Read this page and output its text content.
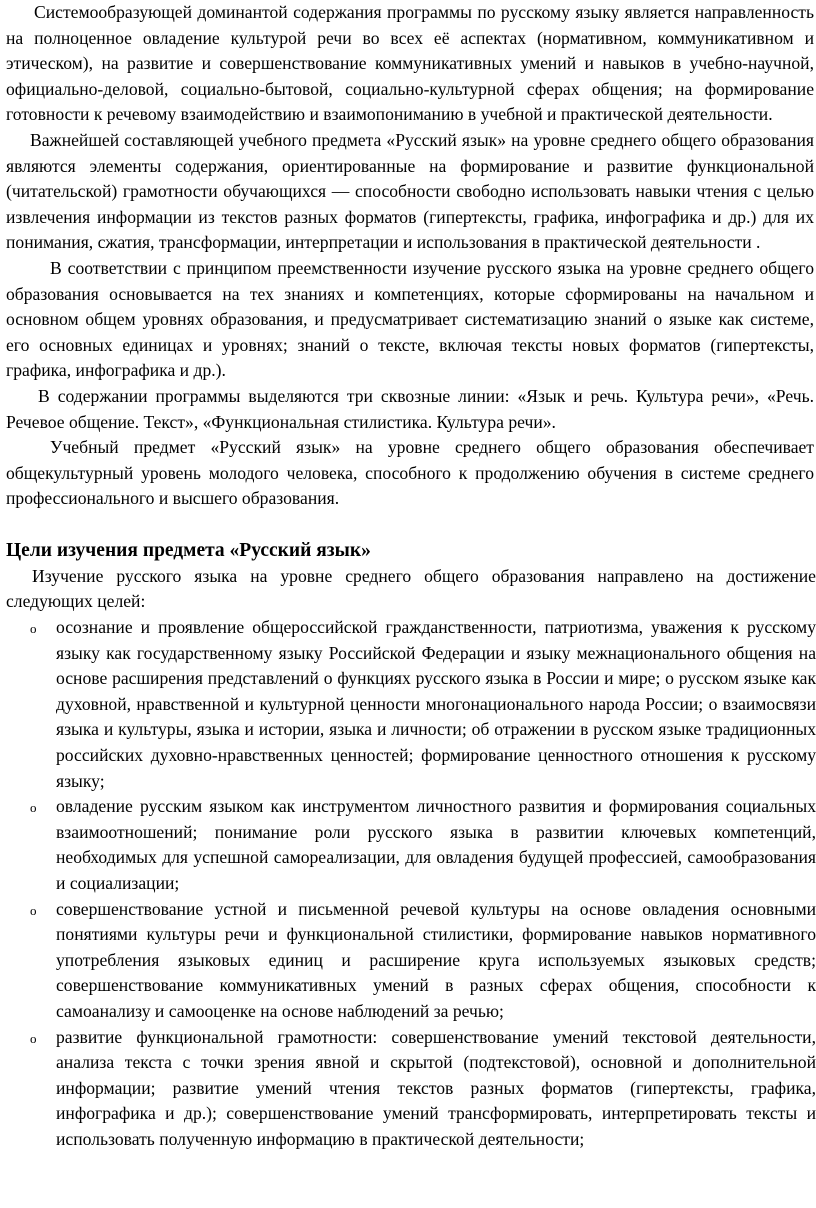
Системообразующей доминантой содержания программы по русскому языку является направленность на полноценное овладение культурой речи во всех её аспектах (нормативном, коммуникативном и этическом), на развитие и совершенствование коммуникативных умений и навыков в учебно-научной, официально-деловой, социально-бытовой, социально-культурной сферах общения; на формирование готовности к речевому взаимодействию и взаимопониманию в учебной и практической деятельности.

Важнейшей составляющей учебного предмета «Русский язык» на уровне среднего общего образования являются элементы содержания, ориентированные на формирование и развитие функциональной (читательской) грамотности обучающихся — способности свободно использовать навыки чтения с целью извлечения информации из текстов разных форматов (гипертексты, графика, инфографика и др.) для их понимания, сжатия, трансформации, интерпретации и использования в практической деятельности .

В соответствии с принципом преемственности изучение русского языка на уровне среднего общего образования основывается на тех знаниях и компетенциях, которые сформированы на начальном и основном общем уровнях образования, и предусматривает систематизацию знаний о языке как системе, его основных единицах и уровнях; знаний о тексте, включая тексты новых форматов (гипертексты, графика, инфографика и др.).

В содержании программы выделяются три сквозные линии: «Язык и речь. Культура речи», «Речь. Речевое общение. Текст», «Функциональная стилистика. Культура речи».

Учебный предмет «Русский язык» на уровне среднего общего образования обеспечивает общекультурный уровень молодого человека, способного к продолжению обучения в системе среднего профессионального и высшего образования.

Цели изучения предмета «Русский язык»

Изучение русского языка на уровне среднего общего образования направлено на достижение следующих целей:

o осознание и проявление общероссийской гражданственности, патриотизма, уважения к русскому языку как государственному языку Российской Федерации и языку межнационального общения на основе расширения представлений о функциях русского языка в России и мире; о русском языке как духовной, нравственной и культурной ценности многонационального народа России; о взаимосвязи языка и культуры, языка и истории, языка и личности; об отражении в русском языке традиционных российских духовно-нравственных ценностей; формирование ценностного отношения к русскому языку;
o овладение русским языком как инструментом личностного развития и формирования социальных взаимоотношений; понимание роли русского языка в развитии ключевых компетенций, необходимых для успешной самореализации, для овладения будущей профессией, самообразования и социализации;
o совершенствование устной и письменной речевой культуры на основе овладения основными понятиями культуры речи и функциональной стилистики, формирование навыков нормативного употребления языковых единиц и расширение круга используемых языковых средств; совершенствование коммуникативных умений в разных сферах общения, способности к самоанализу и самооценке на основе наблюдений за речью;
o развитие функциональной грамотности: совершенствование умений текстовой деятельности, анализа текста с точки зрения явной и скрытой (подтекстовой), основной и дополнительной информации; развитие умений чтения текстов разных форматов (гипертексты, графика, инфографика и др.); совершенствование умений трансформировать, интерпретировать тексты и использовать полученную информацию в практической деятельности;
